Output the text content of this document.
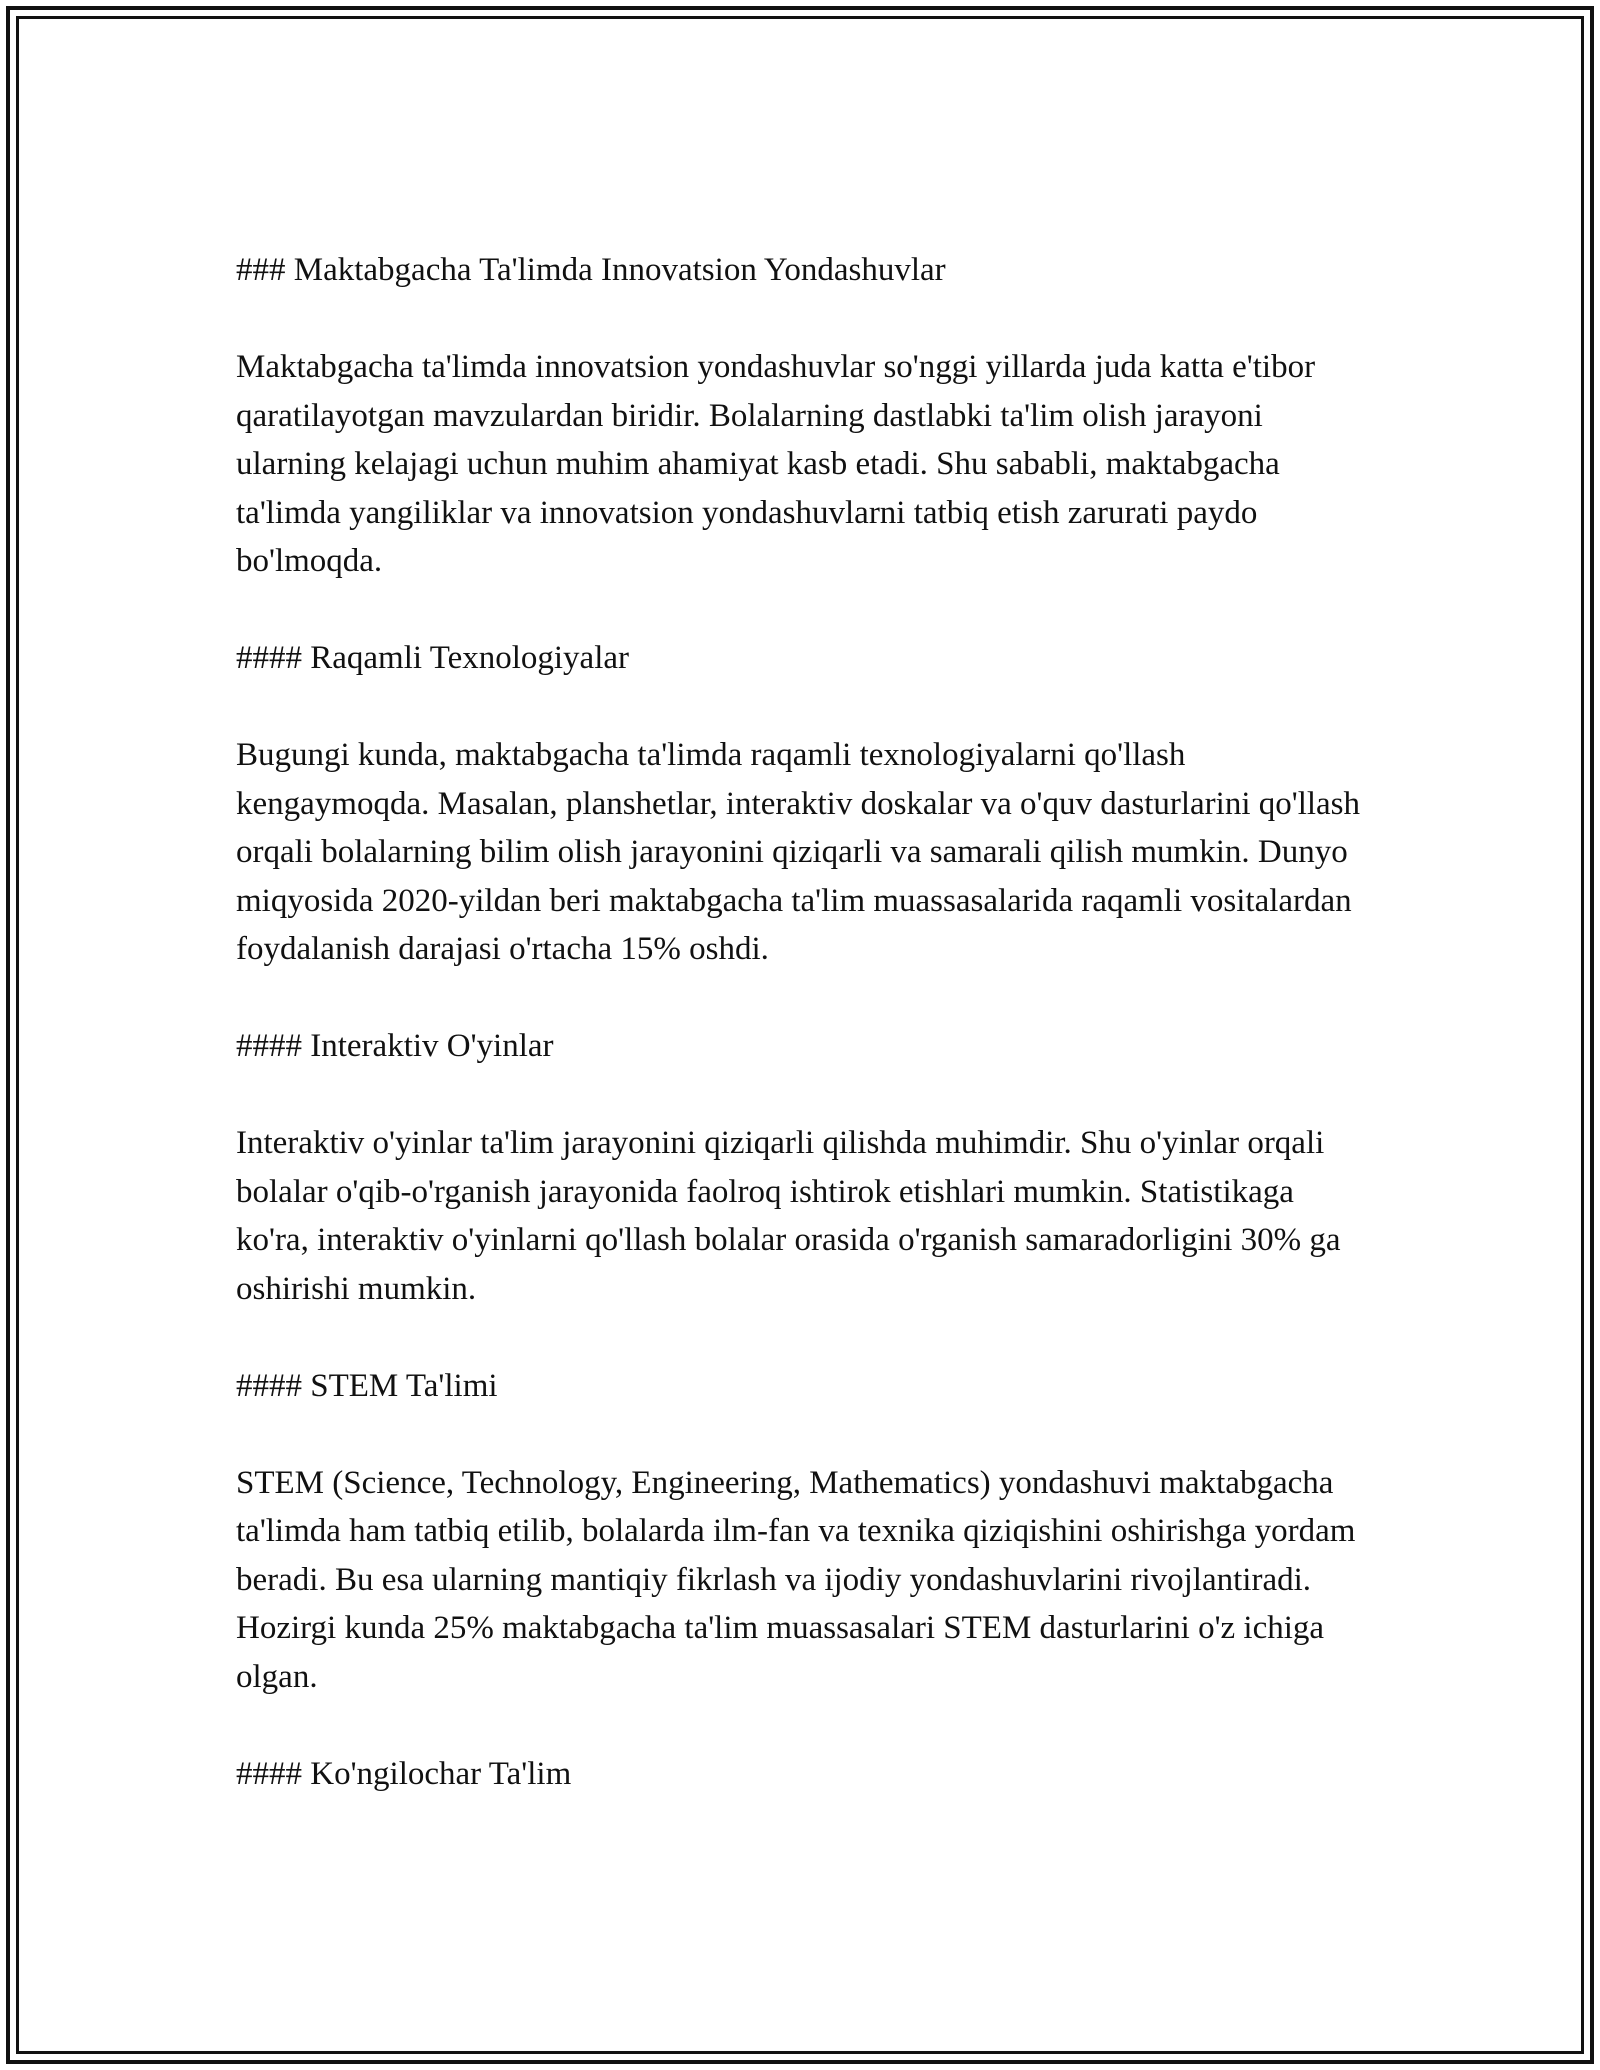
### Maktabgacha Ta'limda Innovatsion Yondashuvlar

Maktabgacha ta'limda innovatsion yondashuvlar so'nggi yillarda juda katta e'tibor qaratilayotgan mavzulardan biridir. Bolalarning dastlabki ta'lim olish jarayoni ularning kelajagi uchun muhim ahamiyat kasb etadi. Shu sababli, maktabgacha ta'limda yangiliklar va innovatsion yondashuvlarni tatbiq etish zarurati paydo bo'lmoqda.

#### Raqamli Texnologiyalar

Bugungi kunda, maktabgacha ta'limda raqamli texnologiyalarni qo'llash kengaymoqda. Masalan, planshetlar, interaktiv doskalar va o'quv dasturlarini qo'llash orqali bolalarning bilim olish jarayonini qiziqarli va samarali qilish mumkin. Dunyo miqyosida 2020-yildan beri maktabgacha ta'lim muassasalarida raqamli vositalardan foydalanish darajasi o'rtacha 15% oshdi.

#### Interaktiv O'yinlar

Interaktiv o'yinlar ta'lim jarayonini qiziqarli qilishda muhimdir. Shu o'yinlar orqali bolalar o'qib-o'rganish jarayonida faolroq ishtirok etishlari mumkin. Statistikaga ko'ra, interaktiv o'yinlarni qo'llash bolalar orasida o'rganish samaradorligini 30% ga oshirishi mumkin.

#### STEM Ta'limi

STEM (Science, Technology, Engineering, Mathematics) yondashuvi maktabgacha ta'limda ham tatbiq etilib, bolalarda ilm-fan va texnika qiziqishini oshirishga yordam beradi. Bu esa ularning mantiqiy fikrlash va ijodiy yondashuvlarini rivojlantiradi. Hozirgi kunda 25% maktabgacha ta'lim muassasalari STEM dasturlarini o'z ichiga olgan.

#### Ko'ngilochar Ta'lim
